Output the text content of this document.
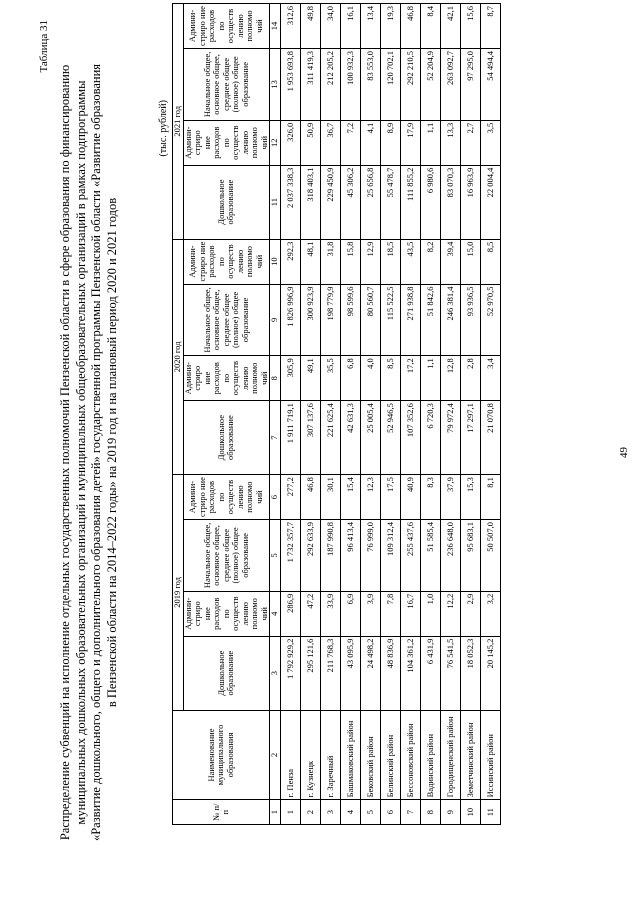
Таблица 31
Распределение субвенций на исполнение отдельных государственных полномочий Пензенской области в сфере образования по финансированию муниципальных дошкольных образовательных организаций и муниципальных общеобразовательных организаций в рамках подпрограммы «Развитие дошкольного, общего и дополнительного образования детей» государственной программы Пензенской области «Развитие образования в Пензенской области на 2014–2022 годы» на 2019 год и на плановый период 2020 и 2021 годов
(тыс. рублей)
№ п/п	Наименование муниципального образования	2019 год				2020 год				2021 год			
		Дошкольное образование	Админи-стриро ние расходов по осуществ лению полномо чий	Начальное общее, основное общее, среднее общее (полное) общее образование	Админи-стриро ние расходов по осуществ лению полномо чий	Дошкольное образование	Админи-стриро ние расходов по осуществ лению полномо чий	Начальное общее, основное общее, среднее общее (полное) общее образование	Админи-стриро ние расходов по осуществ лению полномо чий	Дошкольное образование	Админи-стриро ние расходов по осуществ лению полномо чий	Начальное общее, основное общее, среднее общее (полное) общее образование	Админи-стриро ние расходов по осуществ лению полномо чий
1	2	3	4	5	6	7	8	9	10	11	12	13	14
1	г. Пенза	1 792 929,2	286,9	1 732 357,7	277,2	1 911 719,1	305,9	1 826 996,9	292,3	2 037 338,3	326,0	1 953 693,8	312,6
2	г. Кузнецк	295 121,6	47,2	292 633,9	46,8	307 137,6	49,1	300 923,9	48,1	318 403,1	50,9	311 419,3	49,8
3	г. Заречный	211 768,3	33,9	187 990,8	30,1	221 625,4	35,5	198 779,9	31,8	229 450,9	36,7	212 205,2	34,0
4	Башмаковский район	43 095,9	6,9	96 413,4	15,4	42 631,3	6,8	98 599,6	15,8	45 306,2	7,2	100 932,3	16,1
5	Бековский район	24 498,2	3,9	76 999,0	12,3	25 005,4	4,0	80 560,7	12,9	25 656,8	4,1	83 553,0	13,4
6	Белинский район	48 836,9	7,8	109 312,4	17,5	52 946,5	8,5	115 522,5	18,5	55 478,7	8,9	120 702,1	19,3
7	Бессоновский район	104 361,2	16,7	255 437,6	40,9	107 352,6	17,2	271 938,8	43,5	111 855,2	17,9	292 210,5	46,8
8	Вадинский район	6 431,9	1,0	51 585,4	8,3	6 720,3	1,1	51 842,6	8,2	6 980,6	1,1	52 204,9	8,4
9	Городищенский район	76 541,5	12,2	236 648,0	37,9	79 972,4	12,8	246 381,4	39,4	83 070,3	13,3	263 092,7	42,1
10	Земетчинский район	18 052,3	2,9	95 683,1	15,3	17 297,1	2,8	93 936,5	15,0	16 963,9	2,7	97 295,0	15,6
11	Иссинский район	20 145,2	3,2	50 507,0	8,1	21 070,8	3,4	52 970,5	8,5	22 004,4	3,5	54 494,4	8,7
49
